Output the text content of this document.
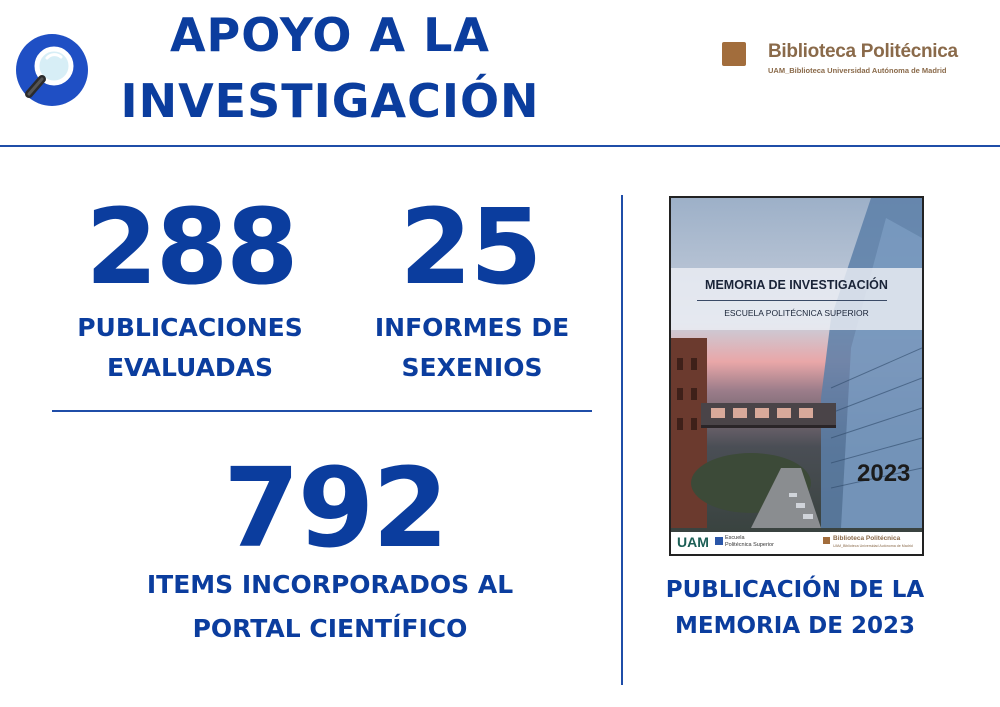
APOYO A LA
INVESTIGACIÓN
Biblioteca Politécnica
UAM_Biblioteca Universidad Autónoma de Madrid
288 25
PUBLICACIONES
EVALUADAS
INFORMES DE
SEXENIOS
792
ITEMS INCORPORADOS AL
PORTAL CIENTÍFICO
MEMORIA DE INVESTIGACIÓN
ESCUELA POLITÉCNICA SUPERIOR
2023
UAM	Escuela
Politécnica Superior
Biblioteca Politécnica
UAM_Biblioteca Universidad Autónoma de Madrid
PUBLICACIÓN DE LA
MEMORIA DE 2023
